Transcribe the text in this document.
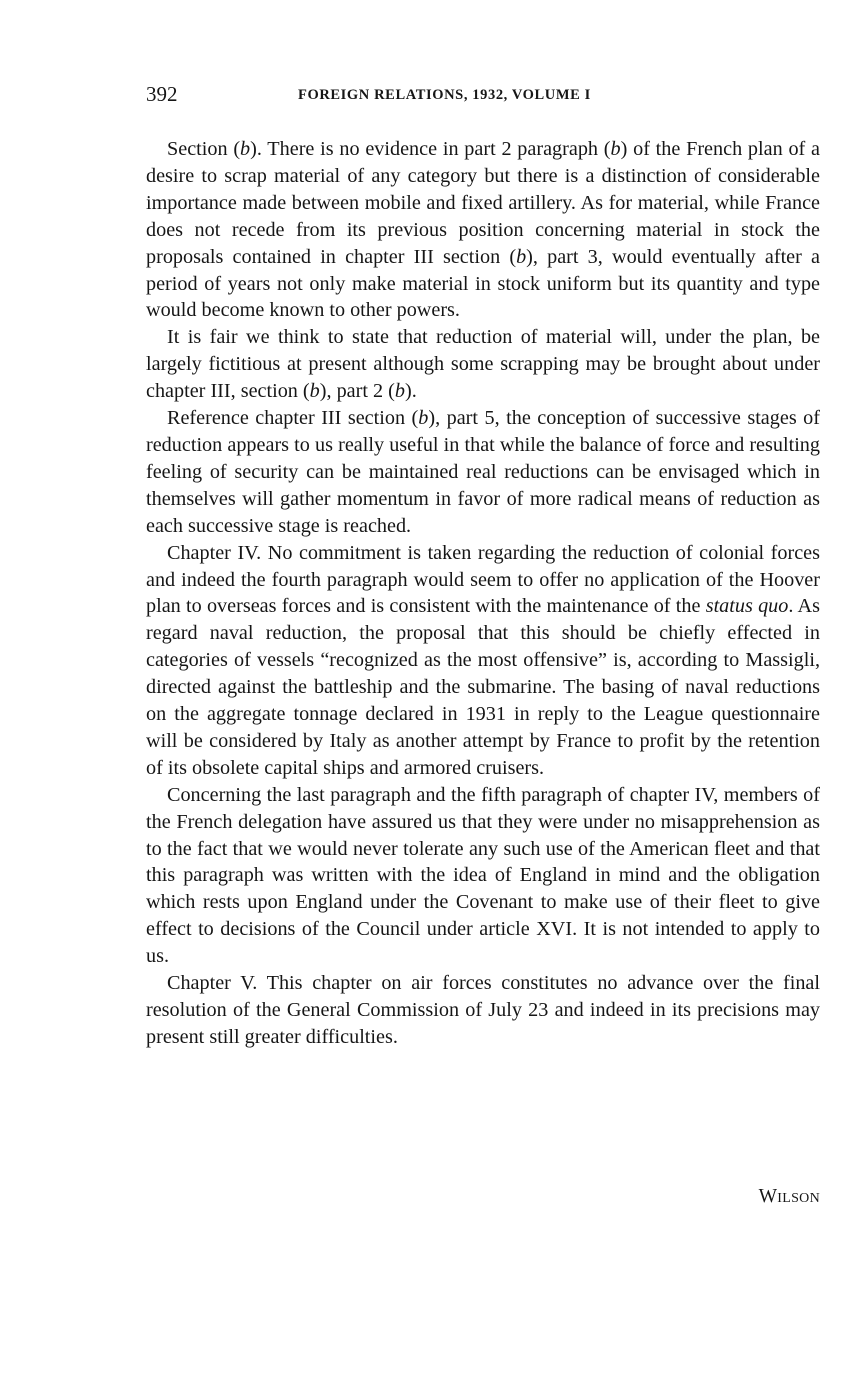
392	FOREIGN RELATIONS, 1932, VOLUME I

Section (b). There is no evidence in part 2 paragraph (b) of the French plan of a desire to scrap material of any category but there is a distinction of considerable importance made between mobile and fixed artillery. As for material, while France does not recede from its previous position concerning material in stock the proposals contained in chapter III section (b), part 3, would eventually after a period of years not only make material in stock uniform but its quantity and type would become known to other powers.

It is fair we think to state that reduction of material will, under the plan, be largely fictitious at present although some scrapping may be brought about under chapter III, section (b), part 2 (b).

Reference chapter III section (b), part 5, the conception of successive stages of reduction appears to us really useful in that while the balance of force and resulting feeling of security can be maintained real reductions can be envisaged which in themselves will gather momentum in favor of more radical means of reduction as each successive stage is reached.

Chapter IV. No commitment is taken regarding the reduction of colonial forces and indeed the fourth paragraph would seem to offer no application of the Hoover plan to overseas forces and is consistent with the maintenance of the status quo. As regard naval reduction, the proposal that this should be chiefly effected in categories of vessels “recognized as the most offensive” is, according to Massigli, directed against the battleship and the submarine. The basing of naval reductions on the aggregate tonnage declared in 1931 in reply to the League questionnaire will be considered by Italy as another attempt by France to profit by the retention of its obsolete capital ships and armored cruisers.

Concerning the last paragraph and the fifth paragraph of chapter IV, members of the French delegation have assured us that they were under no misapprehension as to the fact that we would never tolerate any such use of the American fleet and that this paragraph was written with the idea of England in mind and the obligation which rests upon England under the Covenant to make use of their fleet to give effect to decisions of the Council under article XVI. It is not intended to apply to us.

Chapter V. This chapter on air forces constitutes no advance over the final resolution of the General Commission of July 23 and indeed in its precisions may present still greater difficulties.

Wilson
